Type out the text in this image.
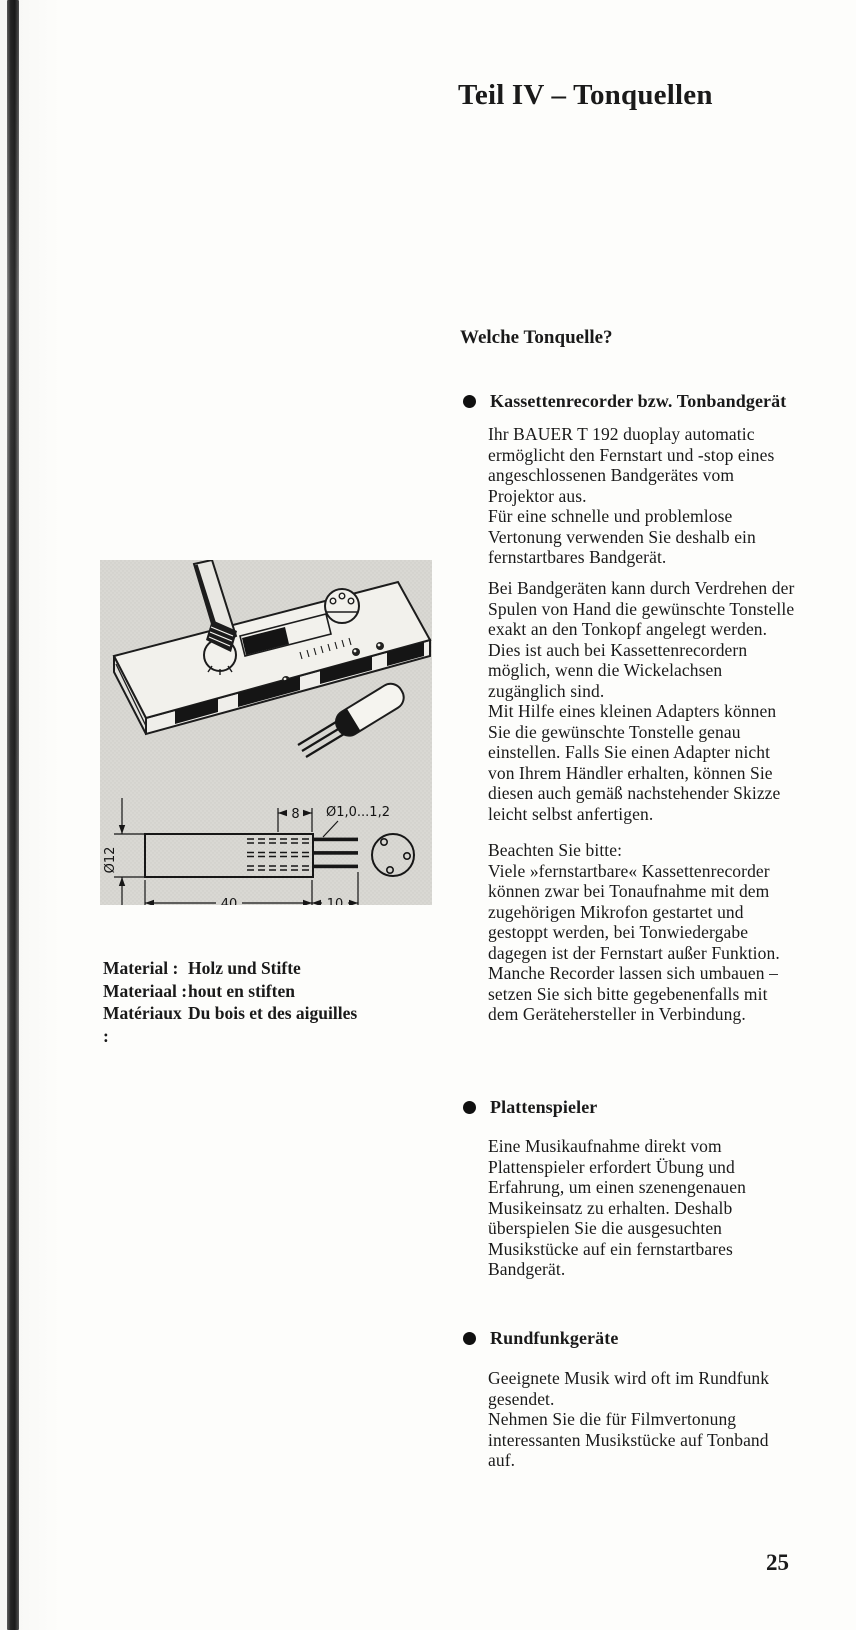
Teil IV – Tonquellen
Welche Tonquelle?
Kassettenrecorder bzw. Tonbandgerät

Ihr BAUER T 192 duoplay automatic ermöglicht den Fernstart und -stop eines angeschlossenen Bandgerätes vom Projektor aus.

Für eine schnelle und problemlose Vertonung verwenden Sie deshalb ein fernstartbares Bandgerät.

Bei Bandgeräten kann durch Verdrehen der Spulen von Hand die gewünschte Tonstelle exakt an den Tonkopf angelegt werden. Dies ist auch bei Kassettenrecordern möglich, wenn die Wickelachsen zugänglich sind.

Mit Hilfe eines kleinen Adapters können Sie die gewünschte Tonstelle genau einstellen. Falls Sie einen Adapter nicht von Ihrem Händler erhalten, können Sie diesen auch gemäß nachstehender Skizze leicht selbst anfertigen.

Beachten Sie bitte:

Viele »fernstartbare« Kassettenrecorder können zwar bei Tonaufnahme mit dem zugehörigen Mikrofon gestartet und gestoppt werden, bei Tonwiedergabe dagegen ist der Fernstart außer Funktion.

Manche Recorder lassen sich umbauen – setzen Sie sich bitte gegebenenfalls mit dem Gerätehersteller in Verbindung.

8 Ø1,0...1,2
Ø12
40	10
Material : Holz und Stifte
Materiaal : hout en stiften
Matériaux :
Du bois et des aiguilles
Plattenspieler

Eine Musikaufnahme direkt vom Plattenspieler erfordert Übung und Erfahrung, um einen szenengenauen Musikeinsatz zu erhalten. Deshalb überspielen Sie die ausgesuchten Musikstücke auf ein fernstartbares Bandgerät.

Rundfunkgeräte

Geeignete Musik wird oft im Rundfunk gesendet.

Nehmen Sie die für Filmvertonung interessanten Musikstücke auf Tonband auf.

25
